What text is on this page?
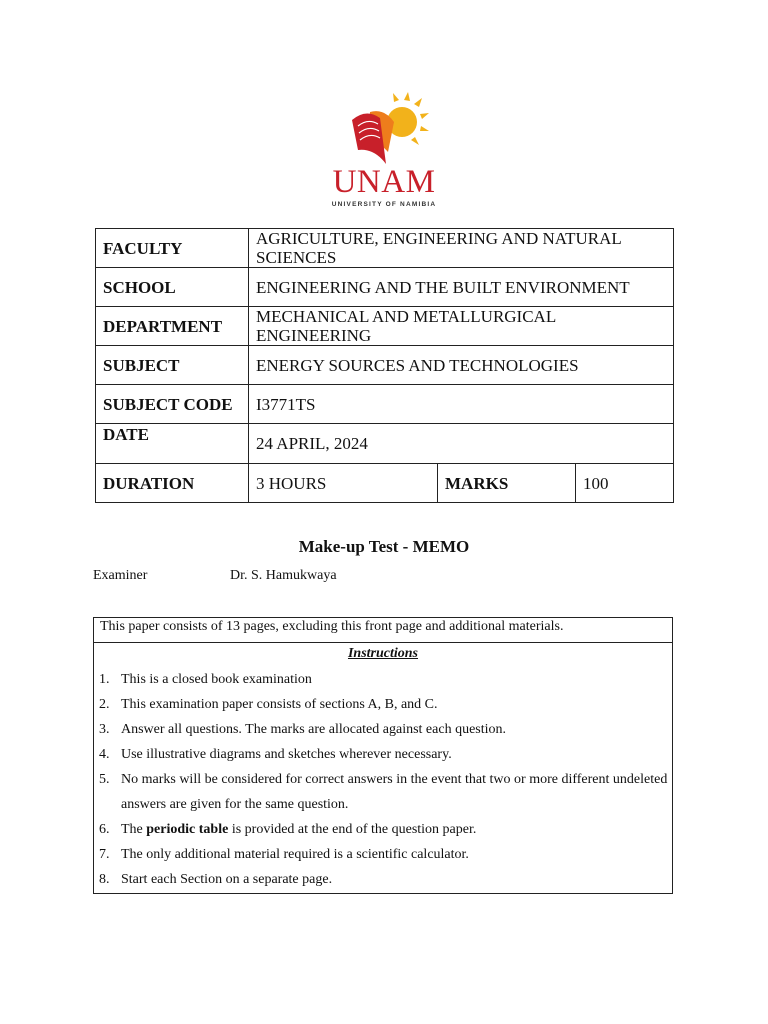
UNAM
UNIVERSITY OF NAMIBIA
FACULTY	AGRICULTURE, ENGINEERING AND NATURAL SCIENCES		
SCHOOL	ENGINEERING AND THE BUILT ENVIRONMENT		
DEPARTMENT	MECHANICAL AND METALLURGICAL ENGINEERING		
SUBJECT	ENERGY SOURCES AND TECHNOLOGIES		
SUBJECT CODE	I3771TS		
DATE	24 APRIL, 2024		
DURATION	3 HOURS	MARKS	100
Make-up Test - MEMO
Examiner	Dr. S. Hamukwaya
This paper consists of 13 pages, excluding this front page and additional materials.
Instructions
1. This is a closed book examination
2. This examination paper consists of sections A, B, and C.
3. Answer all questions. The marks are allocated against each question.
4. Use illustrative diagrams and sketches wherever necessary.
5. No marks will be considered for correct answers in the event that two or more different undeleted answers are given for the same question.
6. The periodic table is provided at the end of the question paper.
7. The only additional material required is a scientific calculator.
8. Start each Section on a separate page.
